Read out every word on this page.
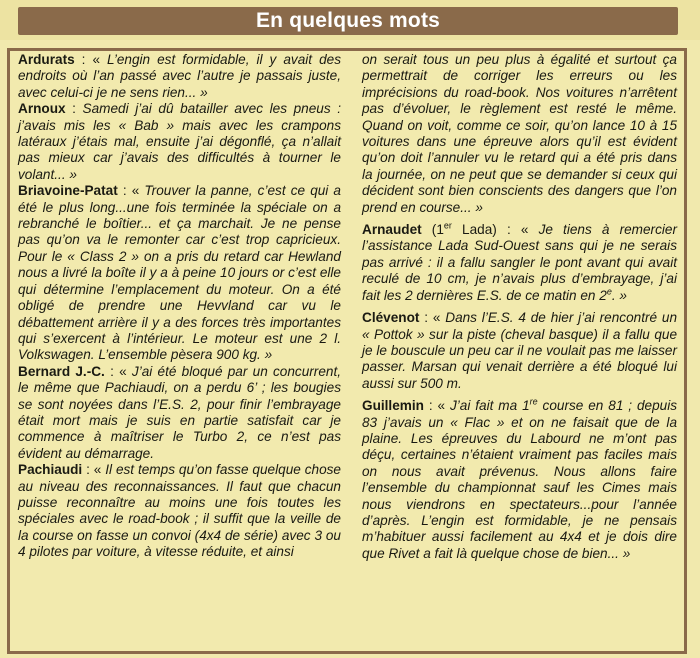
En quelques mots

Ardurats : « L’engin est formidable, il y avait des endroits où l’an passé avec l’autre je passais juste, avec celui-ci je ne sens rien... »

Arnoux : Samedi j’ai dû batailler avec les pneus : j’avais mis les « Bab » mais avec les crampons latéraux j’étais mal, ensuite j’ai dégonflé, ça n’allait pas mieux car j’avais des difficultés à tourner le volant... »

Briavoine-Patat : « Trouver la panne, c’est ce qui a été le plus long...une fois terminée la spéciale on a rebranché le boîtier... et ça marchait. Je ne pense pas qu’on va le remonter car c’est trop capricieux. Pour le « Class 2 » on a pris du retard car Hewland nous a livré la boîte il y a à peine 10 jours or c’est elle qui détermine l’emplacement du moteur. On a été obligé de prendre une Hevvland car vu le débattement arrière il y a des forces très importantes qui s’exercent à l’intérieur. Le moteur est une 2 l. Volkswagen. L’ensemble pèsera 900 kg. »

Bernard J.-C. : « J’ai été bloqué par un concurrent, le même que Pachiaudi, on a perdu 6’ ; les bougies se sont noyées dans l’E.S. 2, pour finir l’embrayage était mort mais je suis en partie satisfait car je commence à maîtriser le Turbo 2, ce n’est pas évident au démarrage.

Pachiaudi : « Il est temps qu’on fasse quelque chose au niveau des reconnaissances. Il faut que chacun puisse reconnaître au moins une fois toutes les spéciales avec le road-book ; il suffit que la veille de la course on fasse un convoi (4x4 de série) avec 3 ou 4 pilotes par voiture, à vitesse réduite, et ainsi

on serait tous un peu plus à égalité et surtout ça permettrait de corriger les erreurs ou les imprécisions du road-book. Nos voitures n’arrêtent pas d’évoluer, le règlement est resté le même. Quand on voit, comme ce soir, qu’on lance 10 à 15 voitures dans une épreuve alors qu’il est évident qu’on doit l’annuler vu le retard qui a été pris dans la journée, on ne peut que se demander si ceux qui décident sont bien conscients des dangers que l’on prend en course... »

Arnaudet (1er Lada) : « Je tiens à remercier l’assistance Lada Sud-Ouest sans qui je ne serais pas arrivé : il a fallu sangler le pont avant qui avait reculé de 10 cm, je n’avais plus d’embrayage, j’ai fait les 2 dernières E.S. de ce matin en 2e. »

Clévenot : « Dans l’E.S. 4 de hier j’ai rencontré un « Pottok » sur la piste (cheval basque) il a fallu que je le bouscule un peu car il ne voulait pas me laisser passer. Marsan qui venait derrière a été bloqué lui aussi sur 500 m.

Guillemin : « J’ai fait ma 1re course en 81 ; depuis 83 j’avais un « Flac » et on ne faisait que de la plaine. Les épreuves du Labourd ne m’ont pas déçu, certaines n’étaient vraiment pas faciles mais on nous avait prévenus. Nous allons faire l’ensemble du championnat sauf les Cimes mais nous viendrons en spectateurs...pour l’année d’après. L’engin est formidable, je ne pensais m’habituer aussi facilement au 4x4 et je dois dire que Rivet a fait là quelque chose de bien... »
